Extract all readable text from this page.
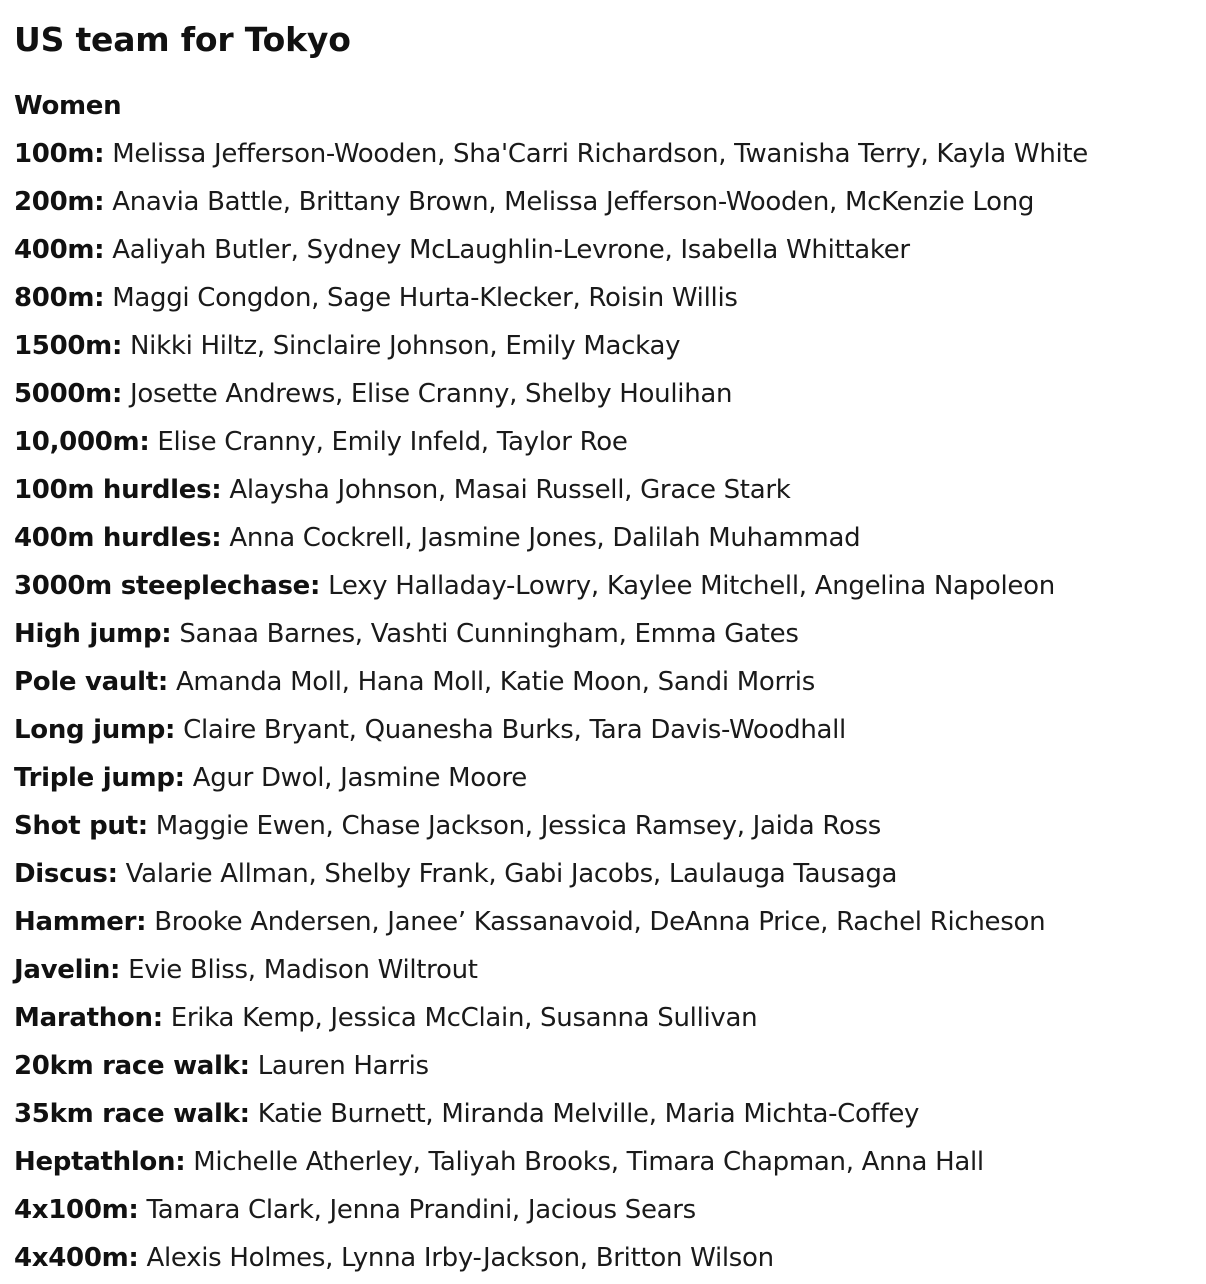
US team for Tokyo
Women
100m: Melissa Jefferson-Wooden, Sha'Carri Richardson, Twanisha Terry, Kayla White
200m: Anavia Battle, Brittany Brown, Melissa Jefferson-Wooden, McKenzie Long
400m: Aaliyah Butler, Sydney McLaughlin-Levrone, Isabella Whittaker
800m: Maggi Congdon, Sage Hurta-Klecker, Roisin Willis
1500m: Nikki Hiltz, Sinclaire Johnson, Emily Mackay
5000m: Josette Andrews, Elise Cranny, Shelby Houlihan
10,000m: Elise Cranny, Emily Infeld, Taylor Roe
100m hurdles: Alaysha Johnson, Masai Russell, Grace Stark
400m hurdles: Anna Cockrell, Jasmine Jones, Dalilah Muhammad
3000m steeplechase: Lexy Halladay-Lowry, Kaylee Mitchell, Angelina Napoleon
High jump: Sanaa Barnes, Vashti Cunningham, Emma Gates
Pole vault: Amanda Moll, Hana Moll, Katie Moon, Sandi Morris
Long jump: Claire Bryant, Quanesha Burks, Tara Davis-Woodhall
Triple jump: Agur Dwol, Jasmine Moore
Shot put: Maggie Ewen, Chase Jackson, Jessica Ramsey, Jaida Ross
Discus: Valarie Allman, Shelby Frank, Gabi Jacobs, Laulauga Tausaga
Hammer: Brooke Andersen, Janee’ Kassanavoid, DeAnna Price, Rachel Richeson
Javelin: Evie Bliss, Madison Wiltrout
Marathon: Erika Kemp, Jessica McClain, Susanna Sullivan
20km race walk: Lauren Harris
35km race walk: Katie Burnett, Miranda Melville, Maria Michta-Coffey
Heptathlon: Michelle Atherley, Taliyah Brooks, Timara Chapman, Anna Hall
4x100m: Tamara Clark, Jenna Prandini, Jacious Sears
4x400m: Alexis Holmes, Lynna Irby-Jackson, Britton Wilson
